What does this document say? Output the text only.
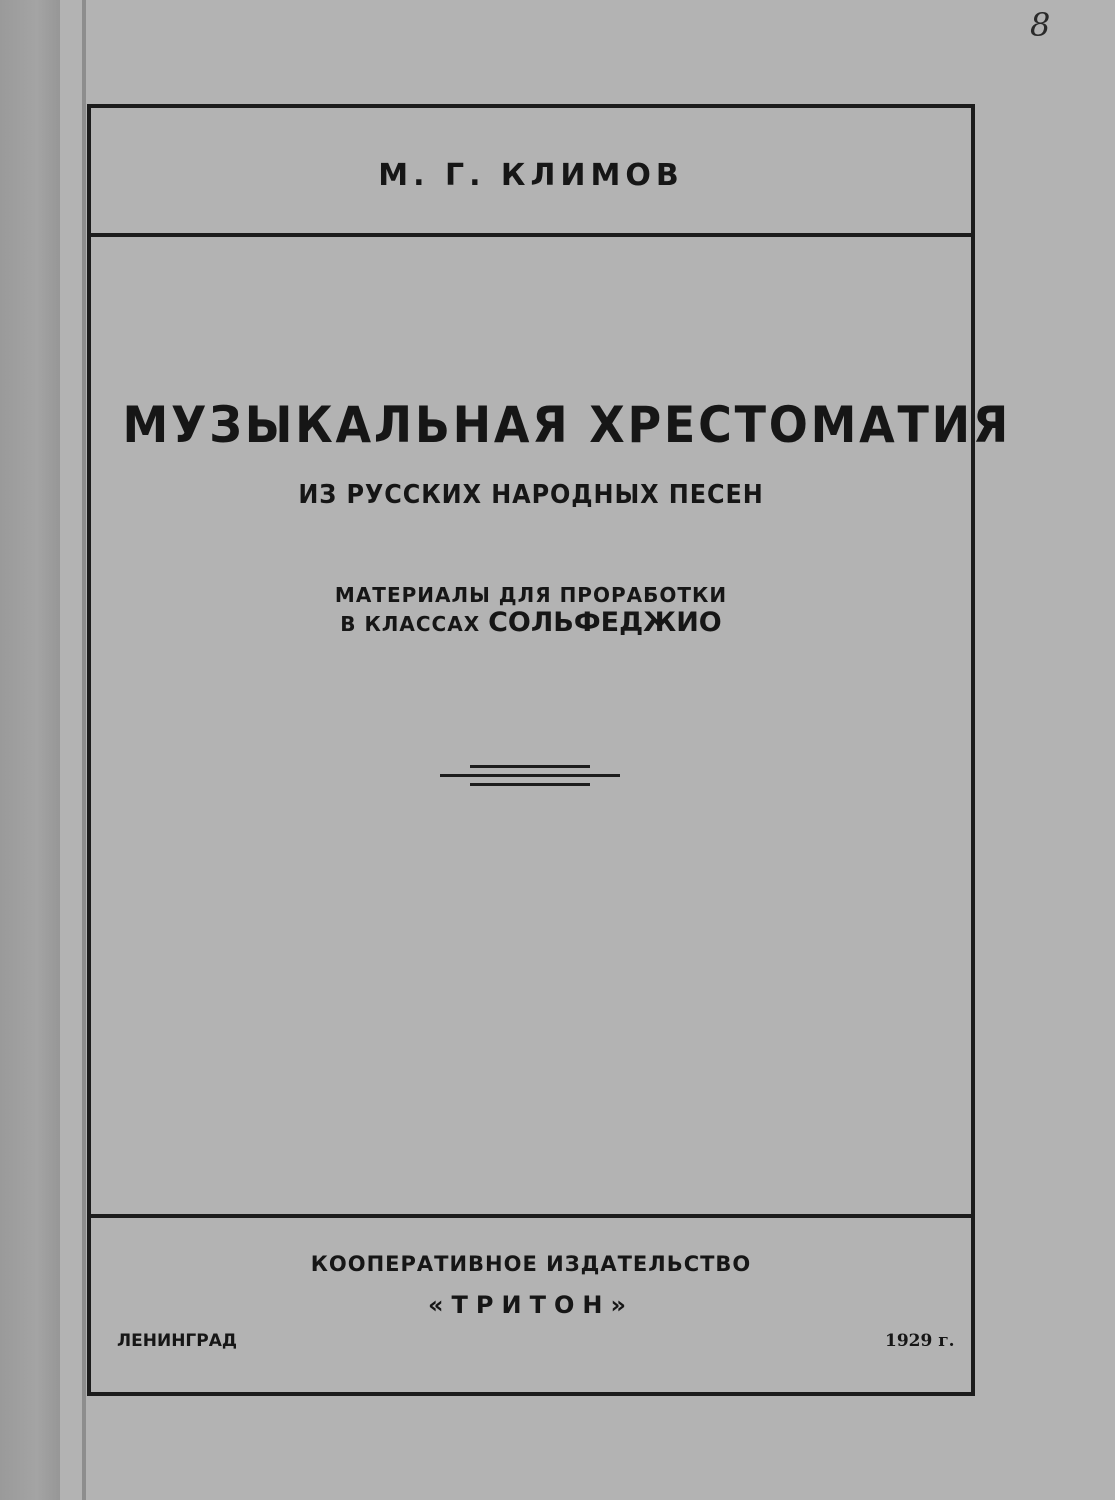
8
М. Г. КЛИМОВ
МУЗЫКАЛЬНАЯ ХРЕСТОМАТИЯ
ИЗ РУССКИХ НАРОДНЫХ ПЕСЕН
МАТЕРИАЛЫ ДЛЯ ПРОРАБОТКИ
В КЛАССАХ СОЛЬФЕДЖИО
КООПЕРАТИВНОЕ ИЗДАТЕЛЬСТВО
«ТРИТОН»
ЛЕНИНГРАД	1929 г.
